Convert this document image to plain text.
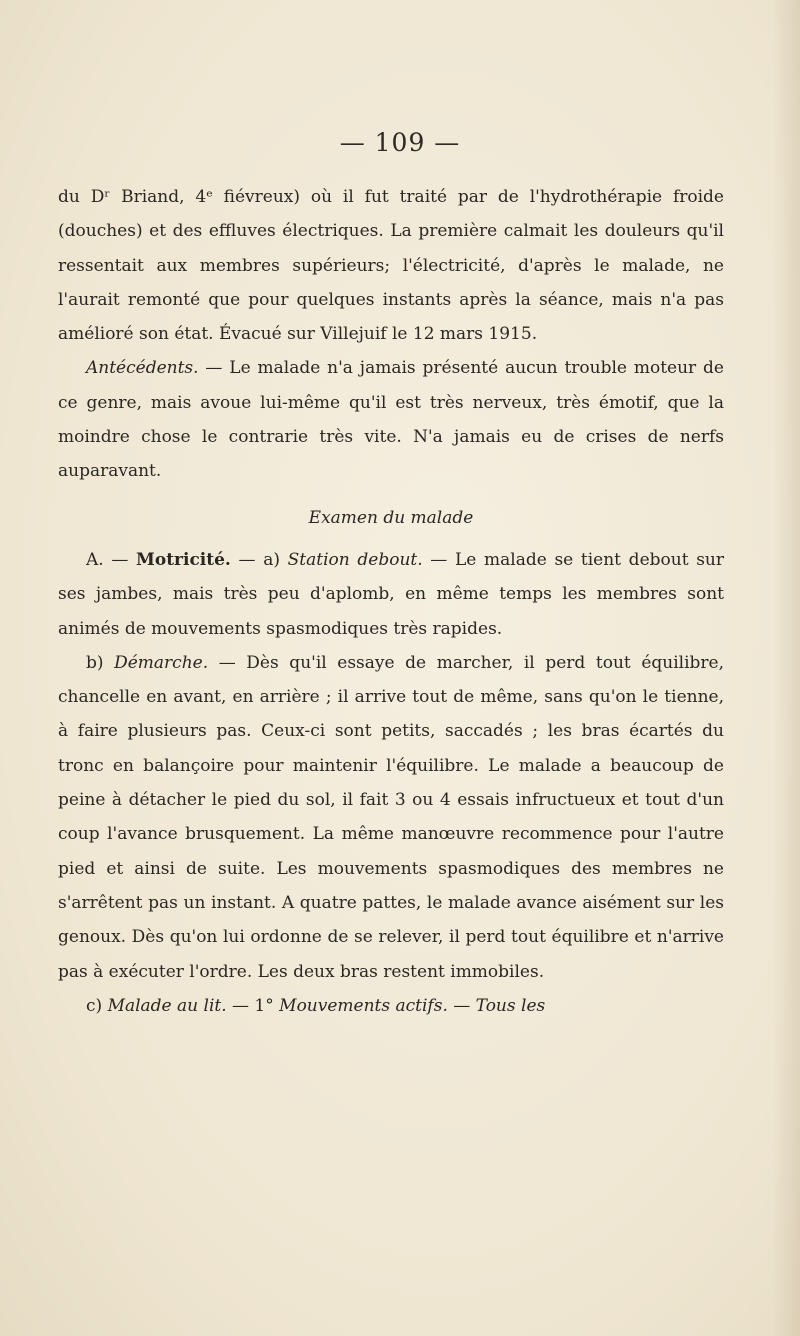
— 109 —

du Dʳ Briand, 4ᵉ fiévreux) où il fut traité par de l'hydrothérapie froide (douches) et des effluves électriques. La première calmait les douleurs qu'il ressentait aux membres supérieurs; l'électricité, d'après le malade, ne l'aurait remonté que pour quelques instants après la séance, mais n'a pas amélioré son état. Évacué sur Villejuif le 12 mars 1915.

Antécédents. — Le malade n'a jamais présenté aucun trouble moteur de ce genre, mais avoue lui-même qu'il est très nerveux, très émotif, que la moindre chose le contrarie très vite. N'a jamais eu de crises de nerfs auparavant.

Examen du malade

A. — Motricité. — a) Station debout. — Le malade se tient debout sur ses jambes, mais très peu d'aplomb, en même temps les membres sont animés de mouvements spasmodiques très rapides.

b) Démarche. — Dès qu'il essaye de marcher, il perd tout équilibre, chancelle en avant, en arrière ; il arrive tout de même, sans qu'on le tienne, à faire plusieurs pas. Ceux-ci sont petits, saccadés ; les bras écartés du tronc en balançoire pour maintenir l'équilibre. Le malade a beaucoup de peine à détacher le pied du sol, il fait 3 ou 4 essais infructueux et tout d'un coup l'avance brusquement. La même manœuvre recommence pour l'autre pied et ainsi de suite. Les mouvements spasmodiques des membres ne s'arrêtent pas un instant. A quatre pattes, le malade avance aisément sur les genoux. Dès qu'on lui ordonne de se relever, il perd tout équilibre et n'arrive pas à exécuter l'ordre. Les deux bras restent immobiles.

c) Malade au lit. — 1° Mouvements actifs. — Tous les
